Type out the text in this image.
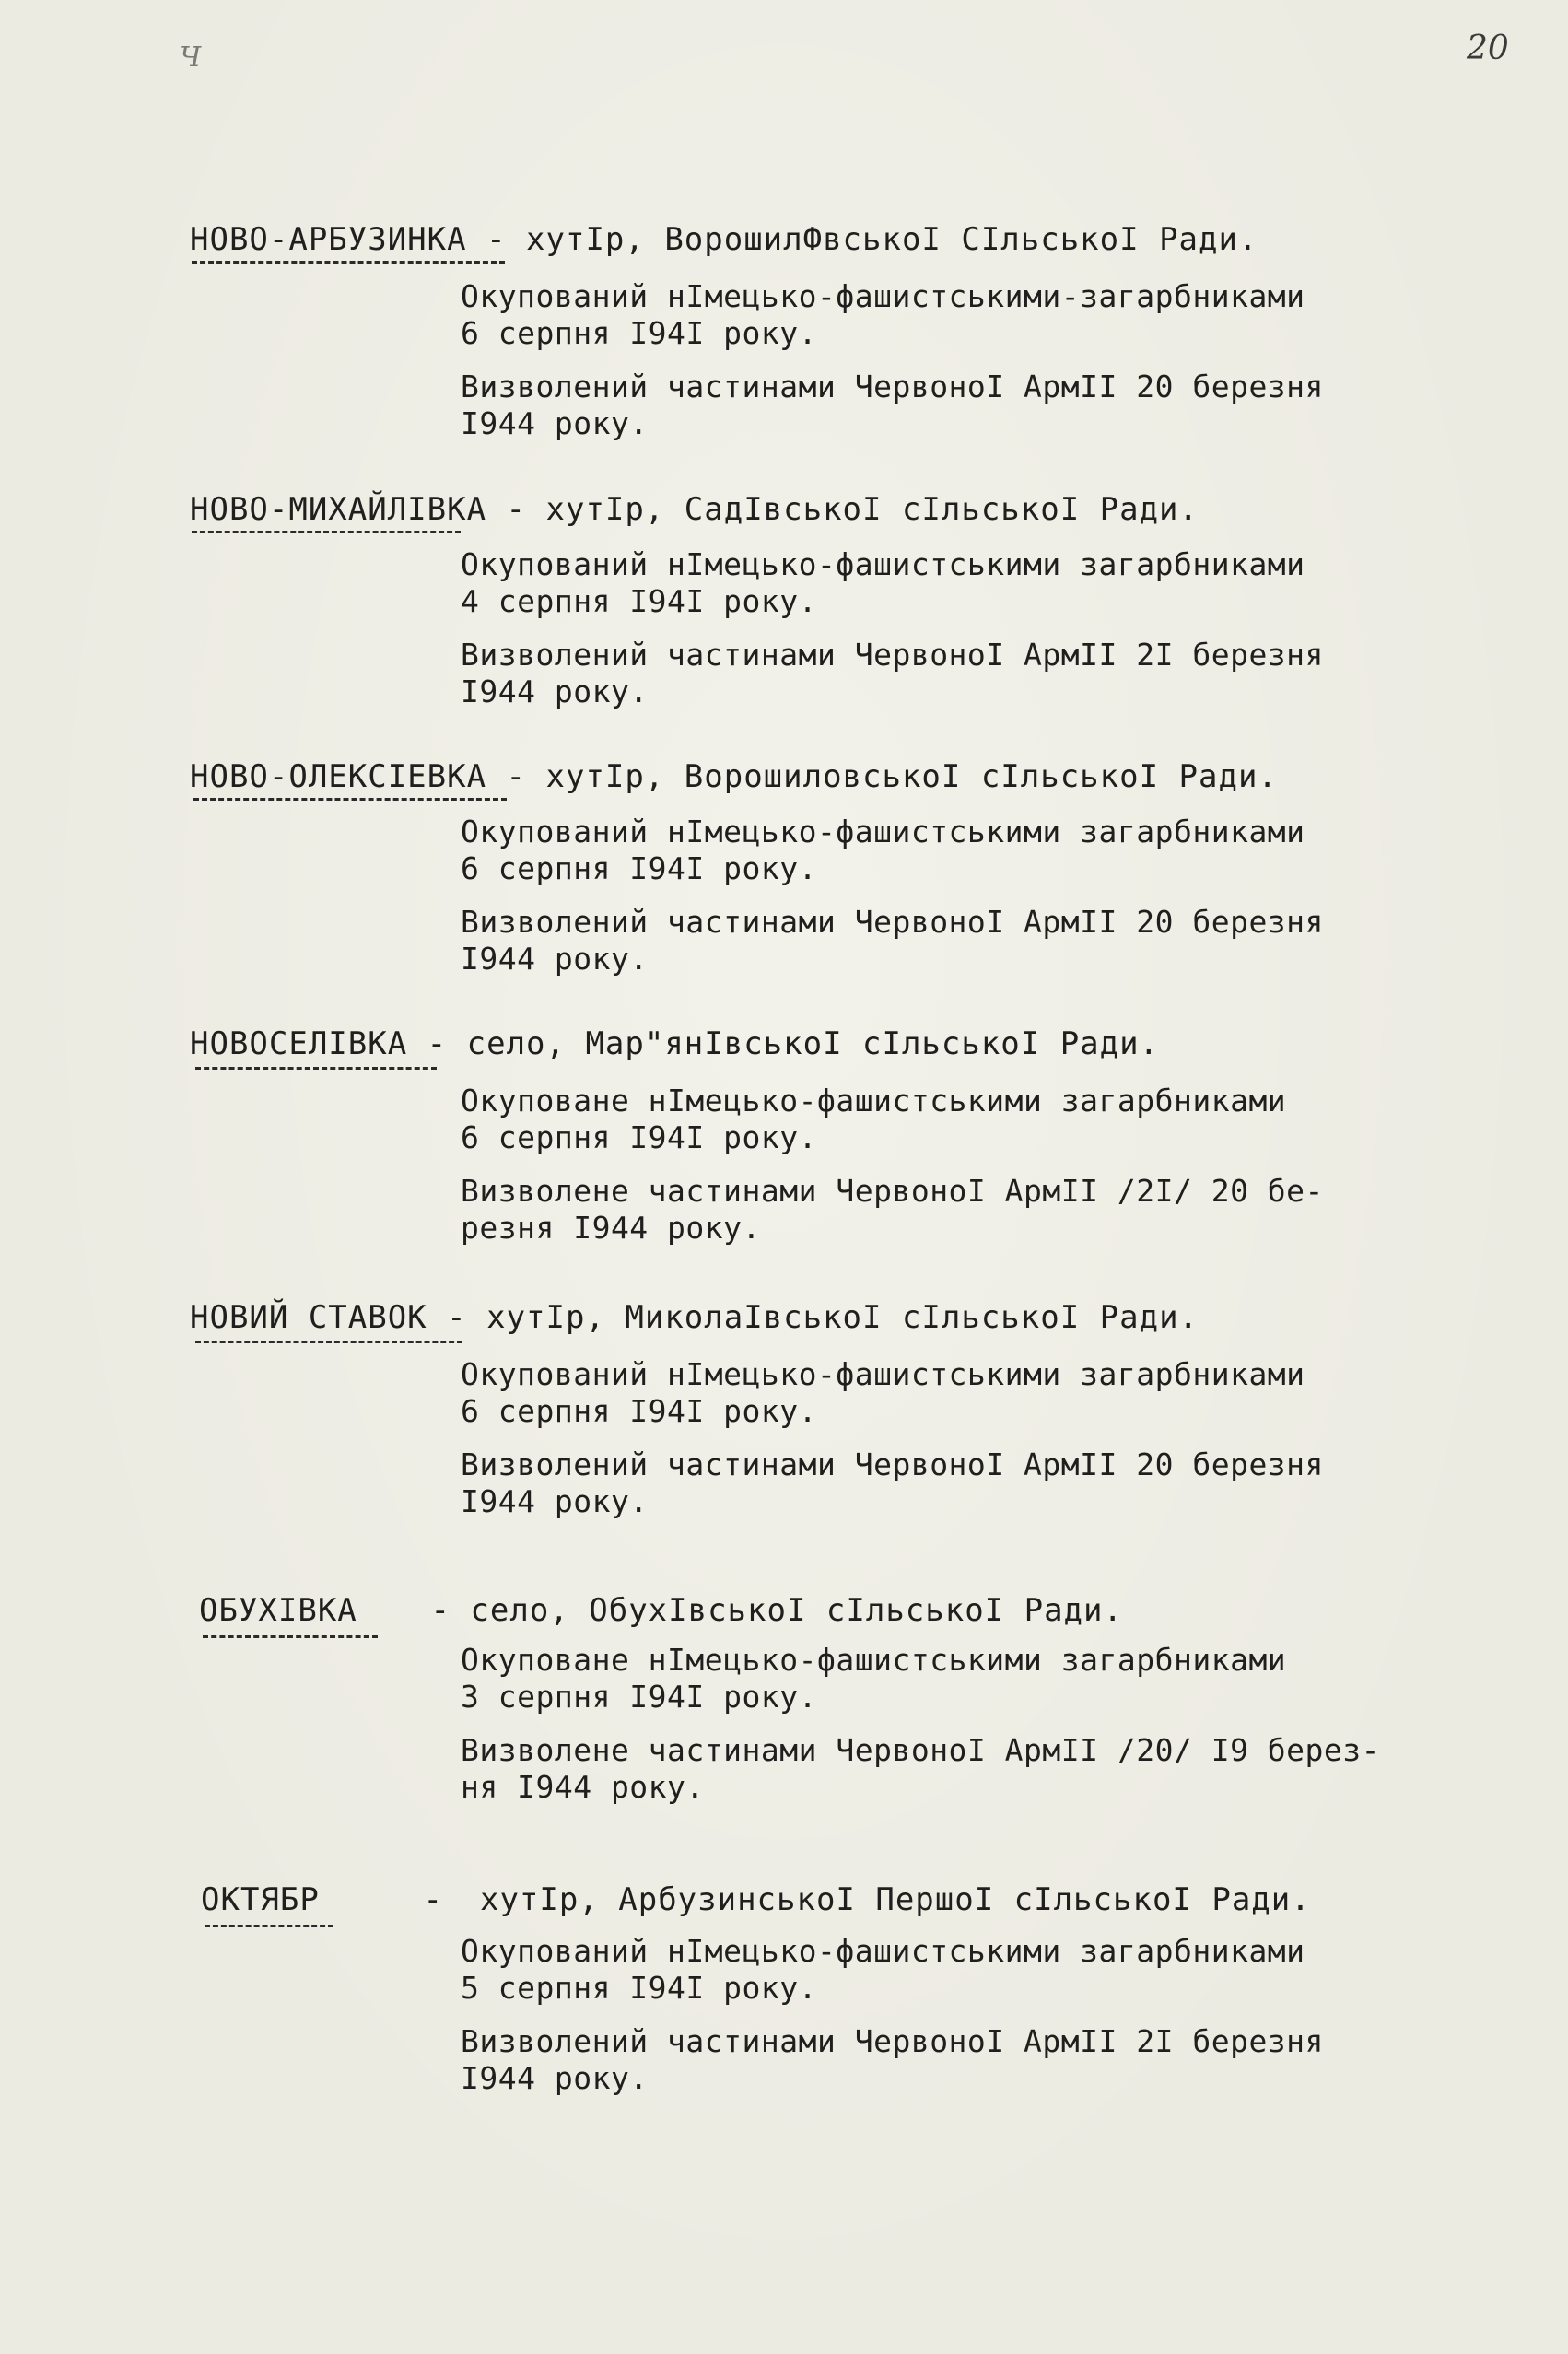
Ч	20
НОВО-АРБУЗИНКА - хутІр, ВорошилФвськоІ СІльськоІ Ради.

Окупований нІмецько-фашистськими-загарбниками
6 серпня І94І року.

Визволений частинами ЧервоноІ АрмІІ 20 березня
І944 року.

НОВО-МИХАЙЛІВКА - хутІр, СадІвськоІ сІльськоІ Ради.

Окупований нІмецько-фашистськими загарбниками
4 серпня І94І року.

Визволений частинами ЧервоноІ АрмІІ 2І березня
І944 року.

НОВО-ОЛЕКСІЕВКА - хутІр, ВорошиловськоІ сІльськоІ Ради.

Окупований нІмецько-фашистськими загарбниками
6 серпня І94І року.

Визволений частинами ЧервоноІ АрмІІ 20 березня
І944 року.

НОВОСЕЛІВКА - село, Мар"янІвськоІ сІльськоІ Ради.

Окуповане нІмецько-фашистськими загарбниками
6 серпня І94І року.

Визволене частинами ЧервоноІ АрмІІ /2І/ 20 бе-
резня І944 року.

НОВИЙ СТАВОК - хутІр, МиколаІвськоІ сІльськоІ Ради.

Окупований нІмецько-фашистськими загарбниками
6 серпня І94І року.

Визволений частинами ЧервоноІ АрмІІ 20 березня
І944 року.

ОБУХІВКА - село, ОбухІвськоІ сІльськоІ Ради.

Окуповане нІмецько-фашистськими загарбниками
3 серпня І94І року.

Визволене частинами ЧервоноІ АрмІІ /20/ І9 берез-
ня І944 року.

ОКТЯБР	- хутІр, АрбузинськоІ ПершоІ сІльськоІ Ради.

Окупований нІмецько-фашистськими загарбниками
5 серпня І94І року.

Визволений частинами ЧервоноІ АрмІІ 2І березня
І944 року.
